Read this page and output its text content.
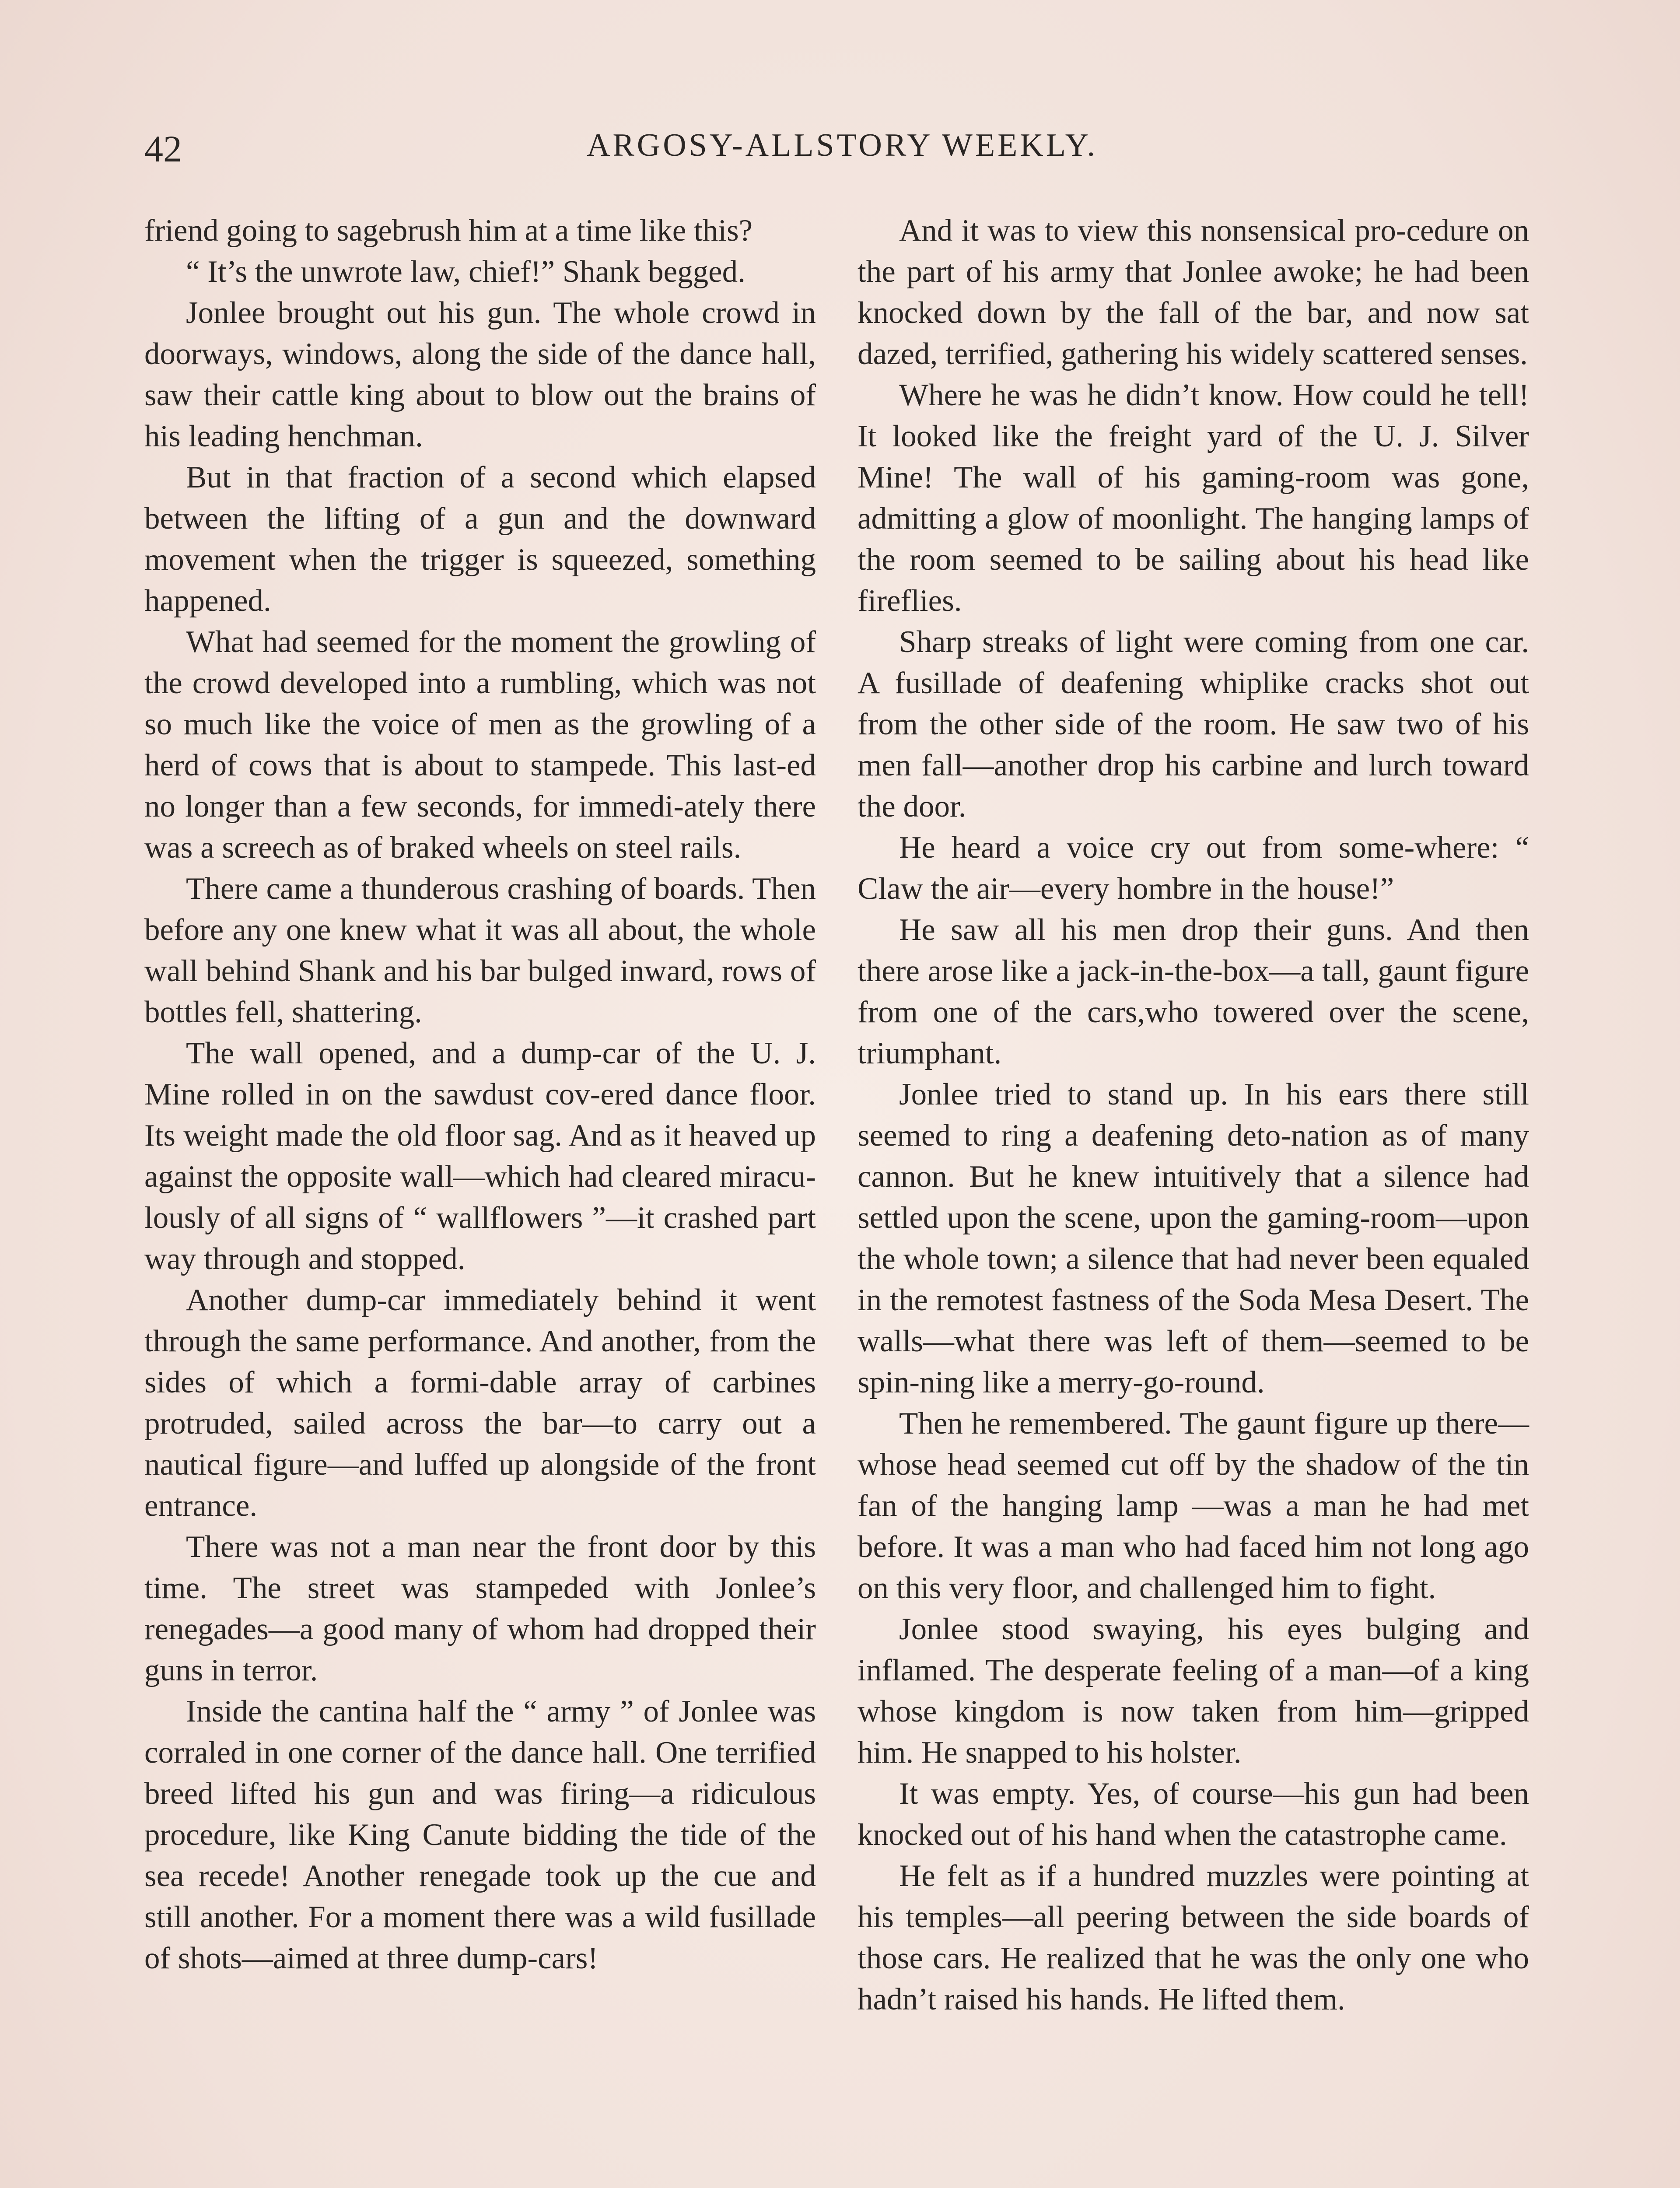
42	ARGOSY-ALLSTORY WEEKLY.

friend going to sagebrush him at a time like this?

“ It’s the unwrote law, chief!” Shank begged.

Jonlee brought out his gun. The whole crowd in doorways, windows, along the side of the dance hall, saw their cattle king about to blow out the brains of his leading henchman.

But in that fraction of a second which elapsed between the lifting of a gun and the downward movement when the trigger is squeezed, something happened.

What had seemed for the moment the growling of the crowd developed into a rumbling, which was not so much like the voice of men as the growling of a herd of cows that is about to stampede. This last-ed no longer than a few seconds, for immedi-ately there was a screech as of braked wheels on steel rails.

There came a thunderous crashing of boards. Then before any one knew what it was all about, the whole wall behind Shank and his bar bulged inward, rows of bottles fell, shattering.

The wall opened, and a dump-car of the U. J. Mine rolled in on the sawdust cov-ered dance floor. Its weight made the old floor sag. And as it heaved up against the opposite wall—which had cleared miracu-lously of all signs of “ wallflowers ”—it crashed part way through and stopped.

Another dump-car immediately behind it went through the same performance. And another, from the sides of which a formi-dable array of carbines protruded, sailed across the bar—to carry out a nautical figure—and luffed up alongside of the front entrance.

There was not a man near the front door by this time. The street was stampeded with Jonlee’s renegades—a good many of whom had dropped their guns in terror.

Inside the cantina half the “ army ” of Jonlee was corraled in one corner of the dance hall. One terrified breed lifted his gun and was firing—a ridiculous procedure, like King Canute bidding the tide of the sea recede! Another renegade took up the cue and still another. For a moment there was a wild fusillade of shots—aimed at three dump-cars!

And it was to view this nonsensical pro-cedure on the part of his army that Jonlee awoke; he had been knocked down by the fall of the bar, and now sat dazed, terrified, gathering his widely scattered senses.

Where he was he didn’t know. How could he tell! It looked like the freight yard of the U. J. Silver Mine! The wall of his gaming-room was gone, admitting a glow of moonlight. The hanging lamps of the room seemed to be sailing about his head like fireflies.

Sharp streaks of light were coming from one car. A fusillade of deafening whiplike cracks shot out from the other side of the room. He saw two of his men fall—another drop his carbine and lurch toward the door.

He heard a voice cry out from some-where: “ Claw the air—every hombre in the house!”

He saw all his men drop their guns. And then there arose like a jack-in-the-box—a tall, gaunt figure from one of the cars,who towered over the scene, triumphant.

Jonlee tried to stand up. In his ears there still seemed to ring a deafening deto-nation as of many cannon. But he knew intuitively that a silence had settled upon the scene, upon the gaming-room—upon the whole town; a silence that had never been equaled in the remotest fastness of the Soda Mesa Desert. The walls—what there was left of them—seemed to be spin-ning like a merry-go-round.

Then he remembered. The gaunt figure up there—whose head seemed cut off by the shadow of the tin fan of the hanging lamp —was a man he had met before. It was a man who had faced him not long ago on this very floor, and challenged him to fight.

Jonlee stood swaying, his eyes bulging and inflamed. The desperate feeling of a man—of a king whose kingdom is now taken from him—gripped him. He snapped to his holster.

It was empty. Yes, of course—his gun had been knocked out of his hand when the catastrophe came.

He felt as if a hundred muzzles were pointing at his temples—all peering between the side boards of those cars. He realized that he was the only one who hadn’t raised his hands. He lifted them.
